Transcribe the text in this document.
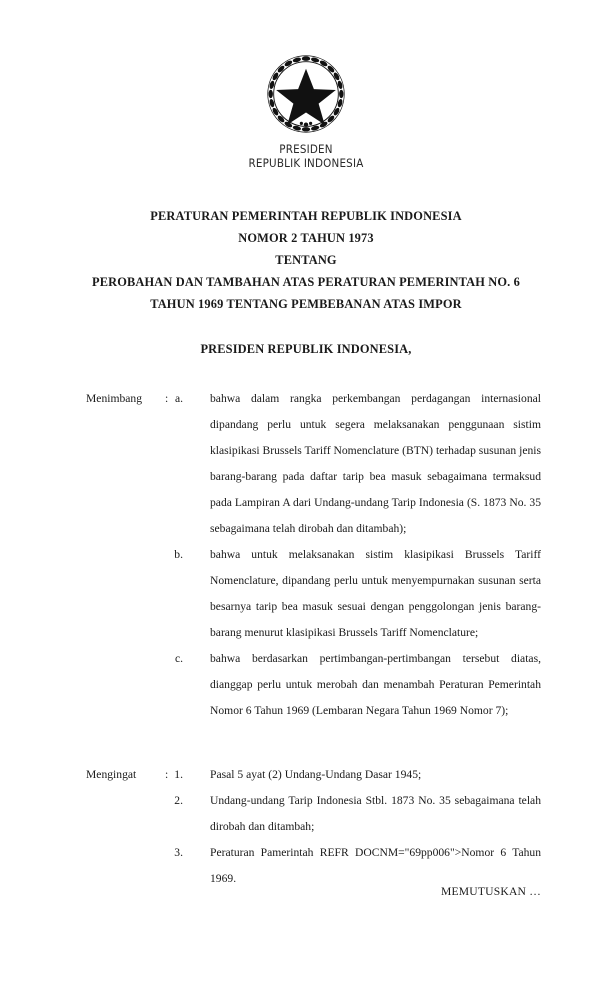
PRESIDEN
REPUBLIK INDONESIA
PERATURAN PEMERINTAH REPUBLIK INDONESIA
NOMOR 2 TAHUN 1973
TENTANG
PEROBAHAN DAN TAMBAHAN ATAS PERATURAN PEMERINTAH NO. 6
TAHUN 1969 TENTANG PEMBEBANAN ATAS IMPOR
PRESIDEN REPUBLIK INDONESIA,
Menimbang : a. bahwa dalam rangka perkembangan perdagangan internasional dipandang perlu untuk segera melaksanakan penggunaan sistim klasipikasi Brussels Tariff Nomenclature (BTN) terhadap susunan jenis barang-barang pada daftar tarip bea masuk sebagaimana termaksud pada Lampiran A dari Undang-undang Tarip Indonesia (S. 1873 No. 35 sebagaimana telah dirobah dan ditambah);
b. bahwa untuk melaksanakan sistim klasipikasi Brussels Tariff Nomenclature, dipandang perlu untuk menyempurnakan susunan serta besarnya tarip bea masuk sesuai dengan penggolongan jenis barang-barang menurut klasipikasi Brussels Tariff Nomenclature;
c. bahwa berdasarkan pertimbangan-pertimbangan tersebut diatas, dianggap perlu untuk merobah dan menambah Peraturan Pemerintah Nomor 6 Tahun 1969 (Lembaran Negara Tahun 1969 Nomor 7);
Mengingat : 1. Pasal 5 ayat (2) Undang-Undang Dasar 1945;
2. Undang-undang Tarip Indonesia Stbl. 1873 No. 35 sebagaimana telah dirobah dan ditambah;
3. Peraturan Pamerintah REFR DOCNM="69pp006">Nomor 6 Tahun 1969.
MEMUTUSKAN …
